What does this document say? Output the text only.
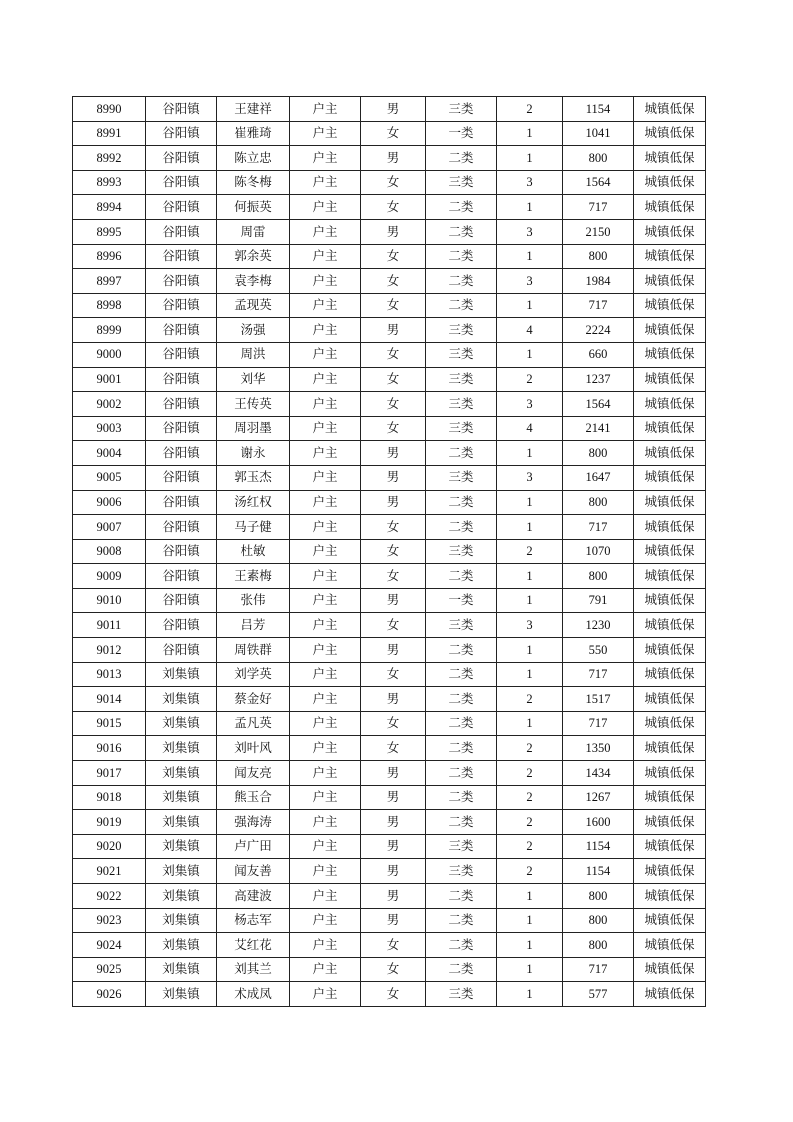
8990	谷阳镇	王建祥	户主	男	三类	2	1154	城镇低保
8991	谷阳镇	崔雅琦	户主	女	一类	1	1041	城镇低保
8992	谷阳镇	陈立忠	户主	男	二类	1	800	城镇低保
8993	谷阳镇	陈冬梅	户主	女	三类	3	1564	城镇低保
8994	谷阳镇	何振英	户主	女	二类	1	717	城镇低保
8995	谷阳镇	周雷	户主	男	二类	3	2150	城镇低保
8996	谷阳镇	郭余英	户主	女	二类	1	800	城镇低保
8997	谷阳镇	袁李梅	户主	女	二类	3	1984	城镇低保
8998	谷阳镇	孟现英	户主	女	二类	1	717	城镇低保
8999	谷阳镇	汤强	户主	男	三类	4	2224	城镇低保
9000	谷阳镇	周洪	户主	女	三类	1	660	城镇低保
9001	谷阳镇	刘华	户主	女	三类	2	1237	城镇低保
9002	谷阳镇	王传英	户主	女	三类	3	1564	城镇低保
9003	谷阳镇	周羽墨	户主	女	三类	4	2141	城镇低保
9004	谷阳镇	谢永	户主	男	二类	1	800	城镇低保
9005	谷阳镇	郭玉杰	户主	男	三类	3	1647	城镇低保
9006	谷阳镇	汤红权	户主	男	二类	1	800	城镇低保
9007	谷阳镇	马子健	户主	女	二类	1	717	城镇低保
9008	谷阳镇	杜敏	户主	女	三类	2	1070	城镇低保
9009	谷阳镇	王素梅	户主	女	二类	1	800	城镇低保
9010	谷阳镇	张伟	户主	男	一类	1	791	城镇低保
9011	谷阳镇	吕芳	户主	女	三类	3	1230	城镇低保
9012	谷阳镇	周铁群	户主	男	二类	1	550	城镇低保
9013	刘集镇	刘学英	户主	女	二类	1	717	城镇低保
9014	刘集镇	蔡金好	户主	男	二类	2	1517	城镇低保
9015	刘集镇	孟凡英	户主	女	二类	1	717	城镇低保
9016	刘集镇	刘叶风	户主	女	二类	2	1350	城镇低保
9017	刘集镇	闻友亮	户主	男	二类	2	1434	城镇低保
9018	刘集镇	熊玉合	户主	男	二类	2	1267	城镇低保
9019	刘集镇	强海涛	户主	男	二类	2	1600	城镇低保
9020	刘集镇	卢广田	户主	男	三类	2	1154	城镇低保
9021	刘集镇	闻友善	户主	男	三类	2	1154	城镇低保
9022	刘集镇	高建波	户主	男	二类	1	800	城镇低保
9023	刘集镇	杨志军	户主	男	二类	1	800	城镇低保
9024	刘集镇	艾红花	户主	女	二类	1	800	城镇低保
9025	刘集镇	刘其兰	户主	女	二类	1	717	城镇低保
9026	刘集镇	术成凤	户主	女	三类	1	577	城镇低保
